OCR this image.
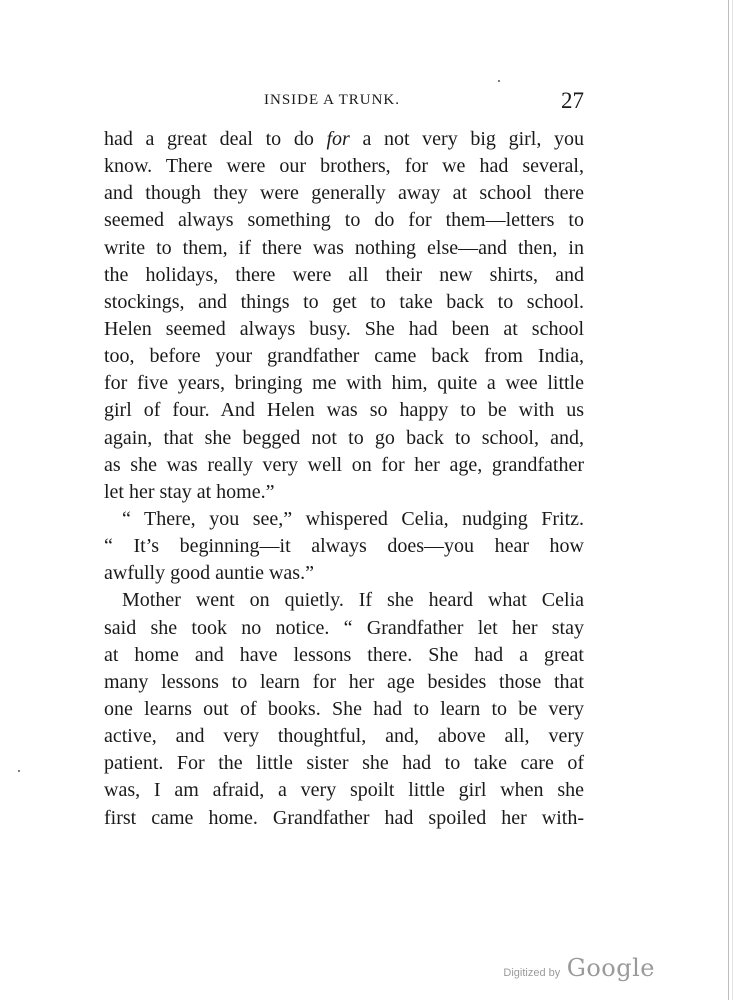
INSIDE A TRUNK.	27
had a great deal to do for a not very big girl, you
know. There were our brothers, for we had several,
and though they were generally away at school there
seemed always something to do for them—letters to
write to them, if there was nothing else—and then, in
the holidays, there were all their new shirts, and
stockings, and things to get to take back to school.
Helen seemed always busy. She had been at school
too, before your grandfather came back from India,
for five years, bringing me with him, quite a wee little
girl of four. And Helen was so happy to be with us
again, that she begged not to go back to school, and,
as she was really very well on for her age, grandfather
let her stay at home.”
“ There, you see,” whispered Celia, nudging Fritz.
“ It’s beginning—it always does—you hear how
awfully good auntie was.”
Mother went on quietly. If she heard what Celia
said she took no notice. “ Grandfather let her stay
at home and have lessons there. She had a great
many lessons to learn for her age besides those that
one learns out of books. She had to learn to be very
active, and very thoughtful, and, above all, very
patient. For the little sister she had to take care of
was, I am afraid, a very spoilt little girl when she
first came home. Grandfather had spoiled her with-
Digitized by Google
